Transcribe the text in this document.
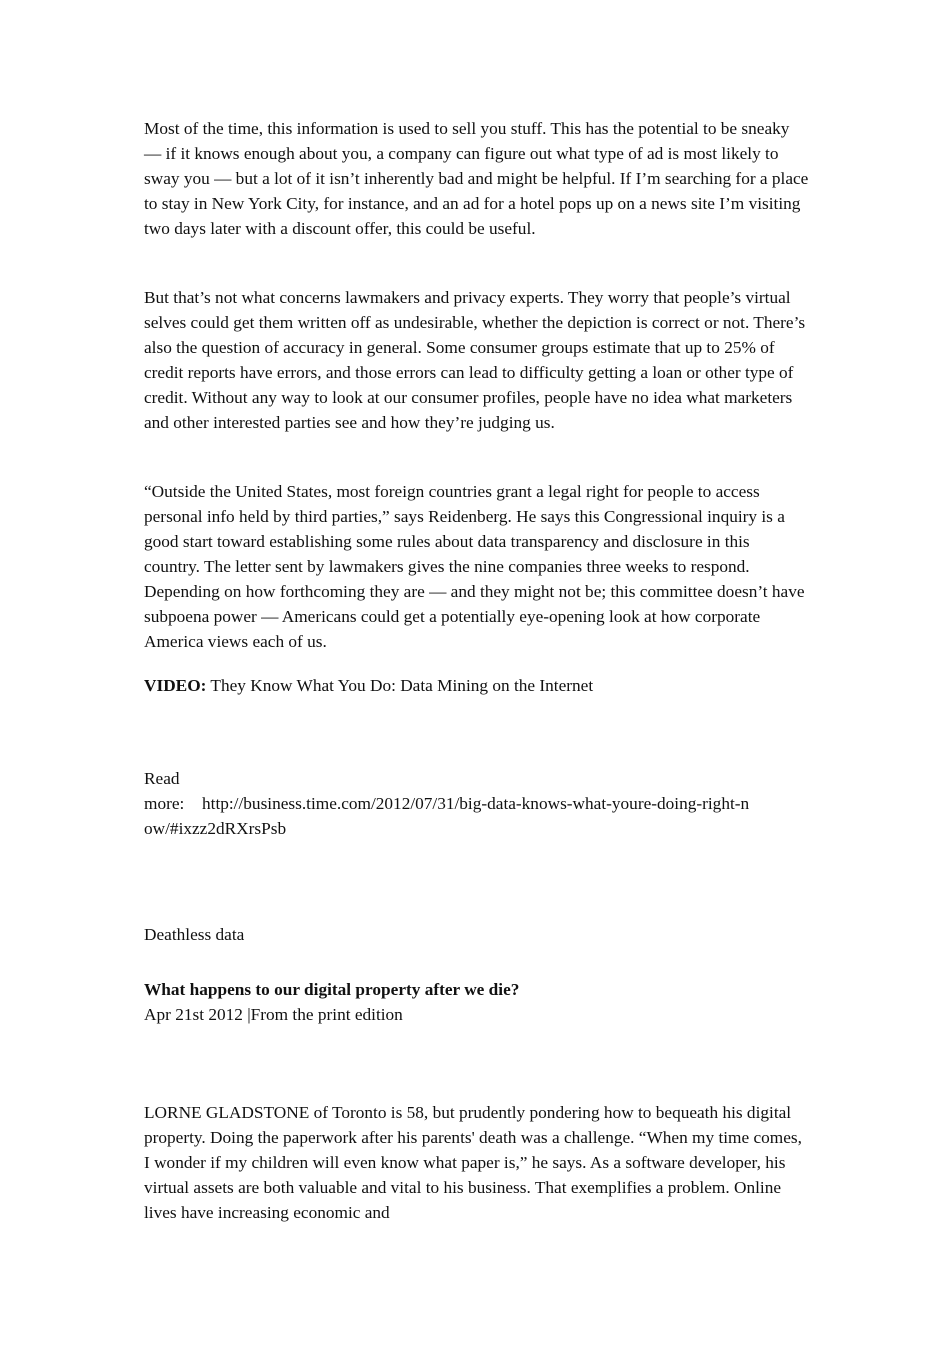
Most of the time, this information is used to sell you stuff. This has the potential to be sneaky — if it knows enough about you, a company can figure out what type of ad is most likely to sway you — but a lot of it isn’t inherently bad and might be helpful. If I’m searching for a place to stay in New York City, for instance, and an ad for a hotel pops up on a news site I’m visiting two days later with a discount offer, this could be useful.

But that’s not what concerns lawmakers and privacy experts. They worry that people’s virtual selves could get them written off as undesirable, whether the depiction is correct or not. There’s also the question of accuracy in general. Some consumer groups estimate that up to 25% of credit reports have errors, and those errors can lead to difficulty getting a loan or other type of credit. Without any way to look at our consumer profiles, people have no idea what marketers and other interested parties see and how they’re judging us.

“Outside the United States, most foreign countries grant a legal right for people to access personal info held by third parties,” says Reidenberg. He says this Congressional inquiry is a good start toward establishing some rules about data transparency and disclosure in this country. The letter sent by lawmakers gives the nine companies three weeks to respond. Depending on how forthcoming they are — and they might not be; this committee doesn’t have subpoena power — Americans could get a potentially eye-opening look at how corporate America views each of us.

VIDEO: They Know What You Do: Data Mining on the Internet

Read
more: http://business.time.com/2012/07/31/big-data-knows-what-youre-doing-right-n
ow/#ixzz2dRXrsPsb

Deathless data

What happens to our digital property after we die?

Apr 21st 2012 |From the print edition

LORNE GLADSTONE of Toronto is 58, but prudently pondering how to bequeath his digital property. Doing the paperwork after his parents' death was a challenge. “When my time comes, I wonder if my children will even know what paper is,” he says. As a software developer, his virtual assets are both valuable and vital to his business. That exemplifies a problem. Online lives have increasing economic and
